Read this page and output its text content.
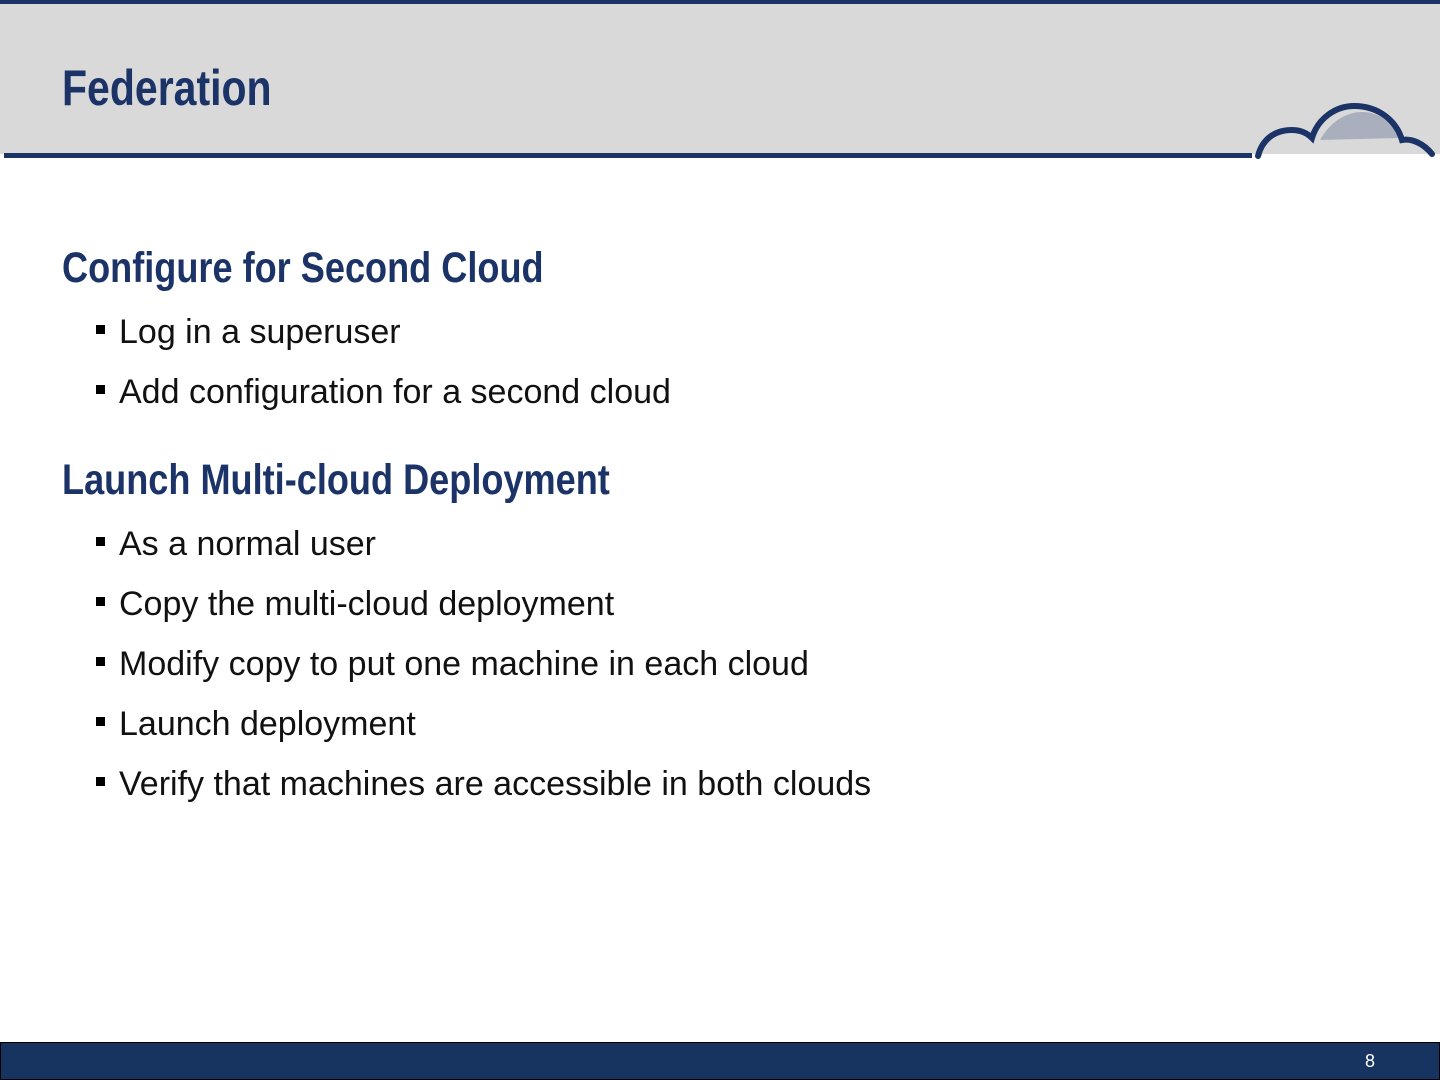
Federation
Configure for Second Cloud
Log in a superuser
Add configuration for a second cloud
Launch Multi-cloud Deployment
As a normal user
Copy the multi-cloud deployment
Modify copy to put one machine in each cloud
Launch deployment
Verify that machines are accessible in both clouds
8
